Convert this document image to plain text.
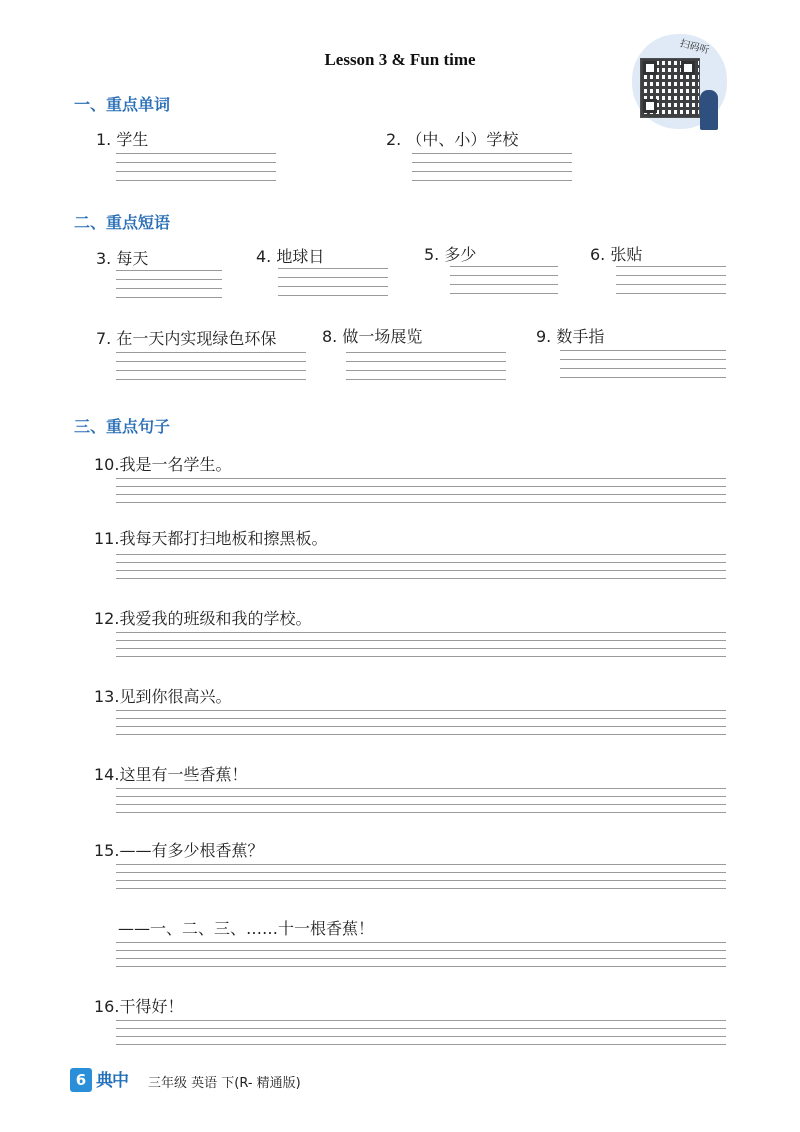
Lesson 3 & Fun time
扫码听
一、重点单词
1. 学生	2. （中、小）学校
二、重点短语
3. 每天	4. 地球日	5. 多少	6. 张贴
7. 在一天内实现绿色环保	8. 做一场展览	9. 数手指
三、重点句子
10.我是一名学生。
11.我每天都打扫地板和擦黑板。
12.我爱我的班级和我的学校。
13.见到你很高兴。
14.这里有一些香蕉！
15.——有多少根香蕉？
——一、二、三、……十一根香蕉！
16.干得好！
6 典中 三年级 英语 下(R- 精通版)
